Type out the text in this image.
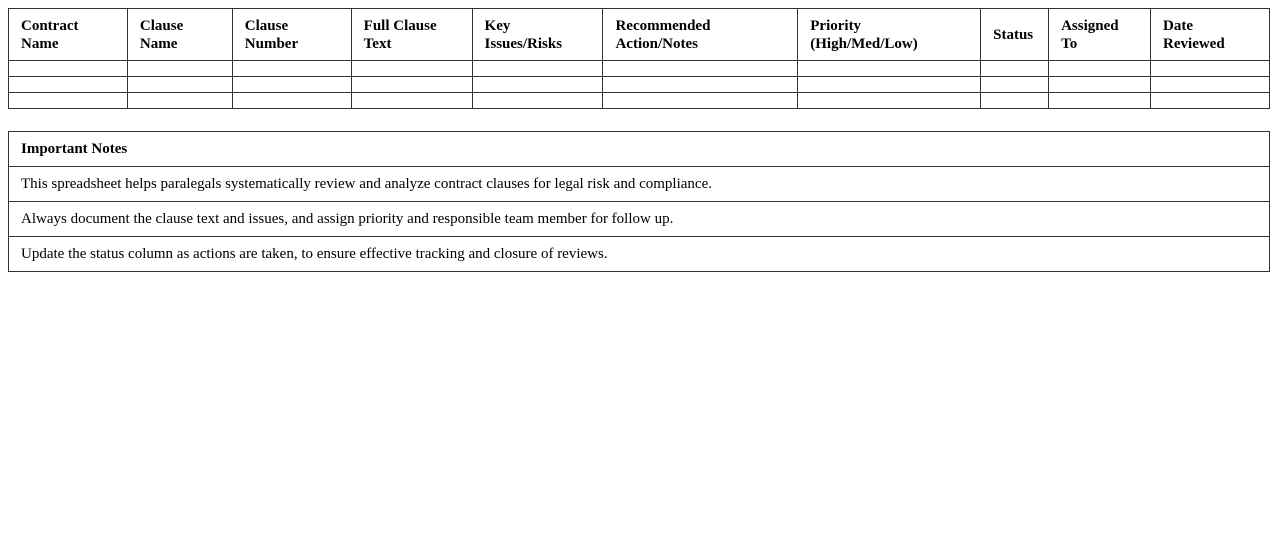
Contract Name	Clause Name	Clause Number	Full Clause Text	Key Issues/Risks	Recommended Action/Notes	Priority (High/Med/Low)	Status	Assigned To	Date Reviewed

Important Notes
This spreadsheet helps paralegals systematically review and analyze contract clauses for legal risk and compliance.
Always document the clause text and issues, and assign priority and responsible team member for follow up.
Update the status column as actions are taken, to ensure effective tracking and closure of reviews.
